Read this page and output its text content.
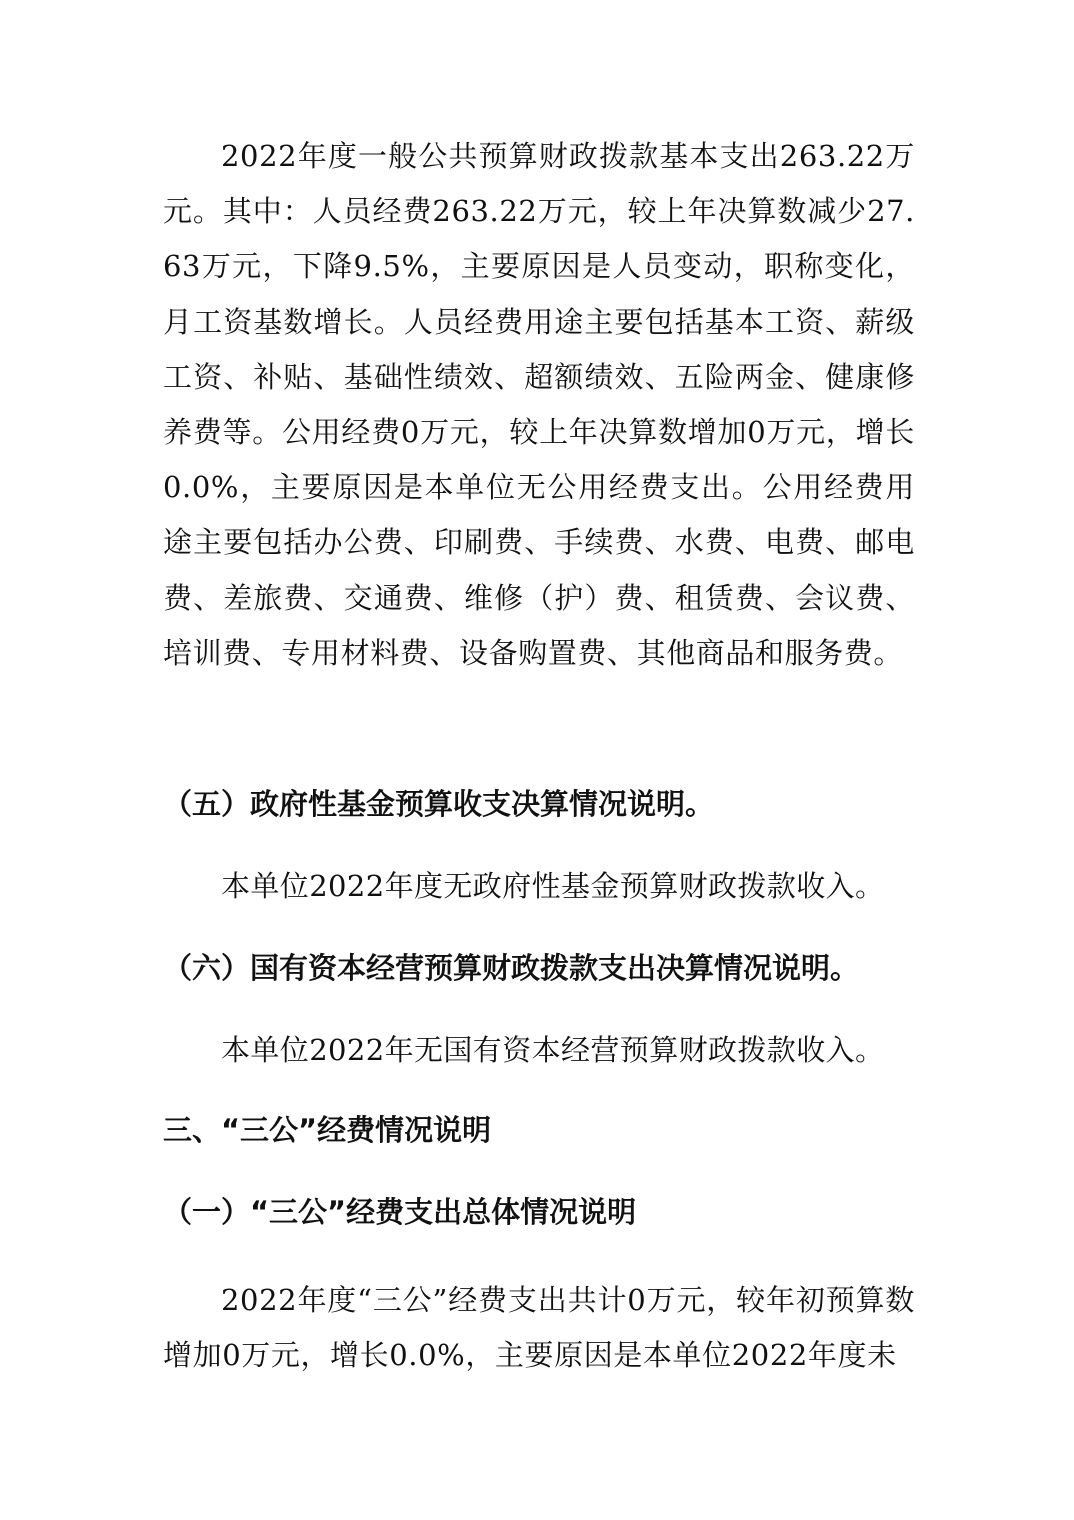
2022年度一般公共预算财政拨款基本支出263.22万元。其中：人员经费263.22万元，较上年决算数减少27.63万元，下降9.5%，主要原因是人员变动，职称变化，月工资基数增长。人员经费用途主要包括基本工资、薪级工资、补贴、基础性绩效、超额绩效、五险两金、健康修养费等。公用经费0万元，较上年决算数增加0万元，增长0.0%，主要原因是本单位无公用经费支出。公用经费用途主要包括办公费、印刷费、手续费、水费、电费、邮电费、差旅费、交通费、维修（护）费、租赁费、会议费、培训费、专用材料费、设备购置费、其他商品和服务费。

（五）政府性基金预算收支决算情况说明。

本单位2022年度无政府性基金预算财政拨款收入。

（六）国有资本经营预算财政拨款支出决算情况说明。

本单位2022年无国有资本经营预算财政拨款收入。

三、“三公”经费情况说明
（一）“三公”经费支出总体情况说明

2022年度“三公”经费支出共计0万元，较年初预算数增加0万元，增长0.0%，主要原因是本单位2022年度未
